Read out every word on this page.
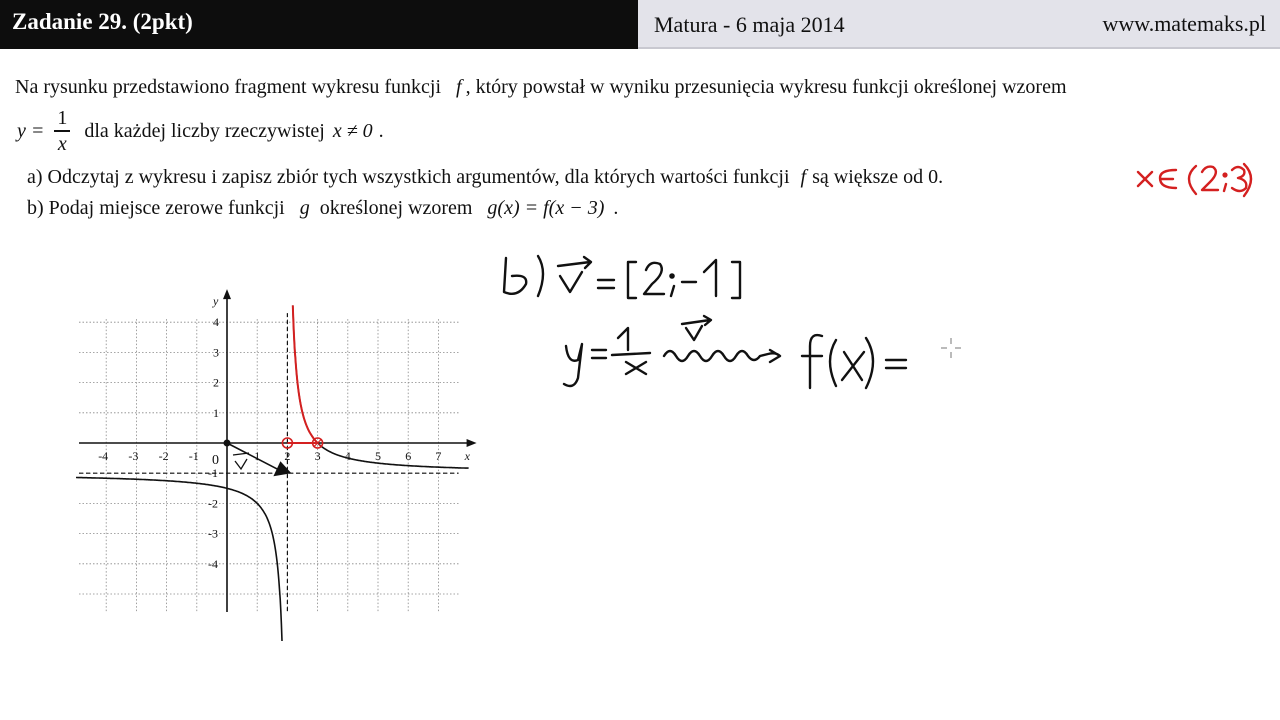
Zadanie 29. (2pkt)	Matura - 6 maja 2014	www.matemaks.pl
Na rysunku przedstawiono fragment wykresu funkcji f , który powstał w wyniku przesunięcia wykresu funkcji określonej wzorem
$y = \frac{1}{x}$ dla każdej liczby rzeczywistej x ≠ 0 .
a) Odczytaj z wykresu i zapisz zbiór tych wszystkich argumentów, dla których wartości funkcji f są większe od 0.
b) Podaj miejsce zerowe funkcji g określonej wzorem g(x) = f(x − 3) .
-4 -3 -2 -1	1 2 3 4 5 6 7
4
3
2
1
-1
-2
-3
-4
0	x
y
